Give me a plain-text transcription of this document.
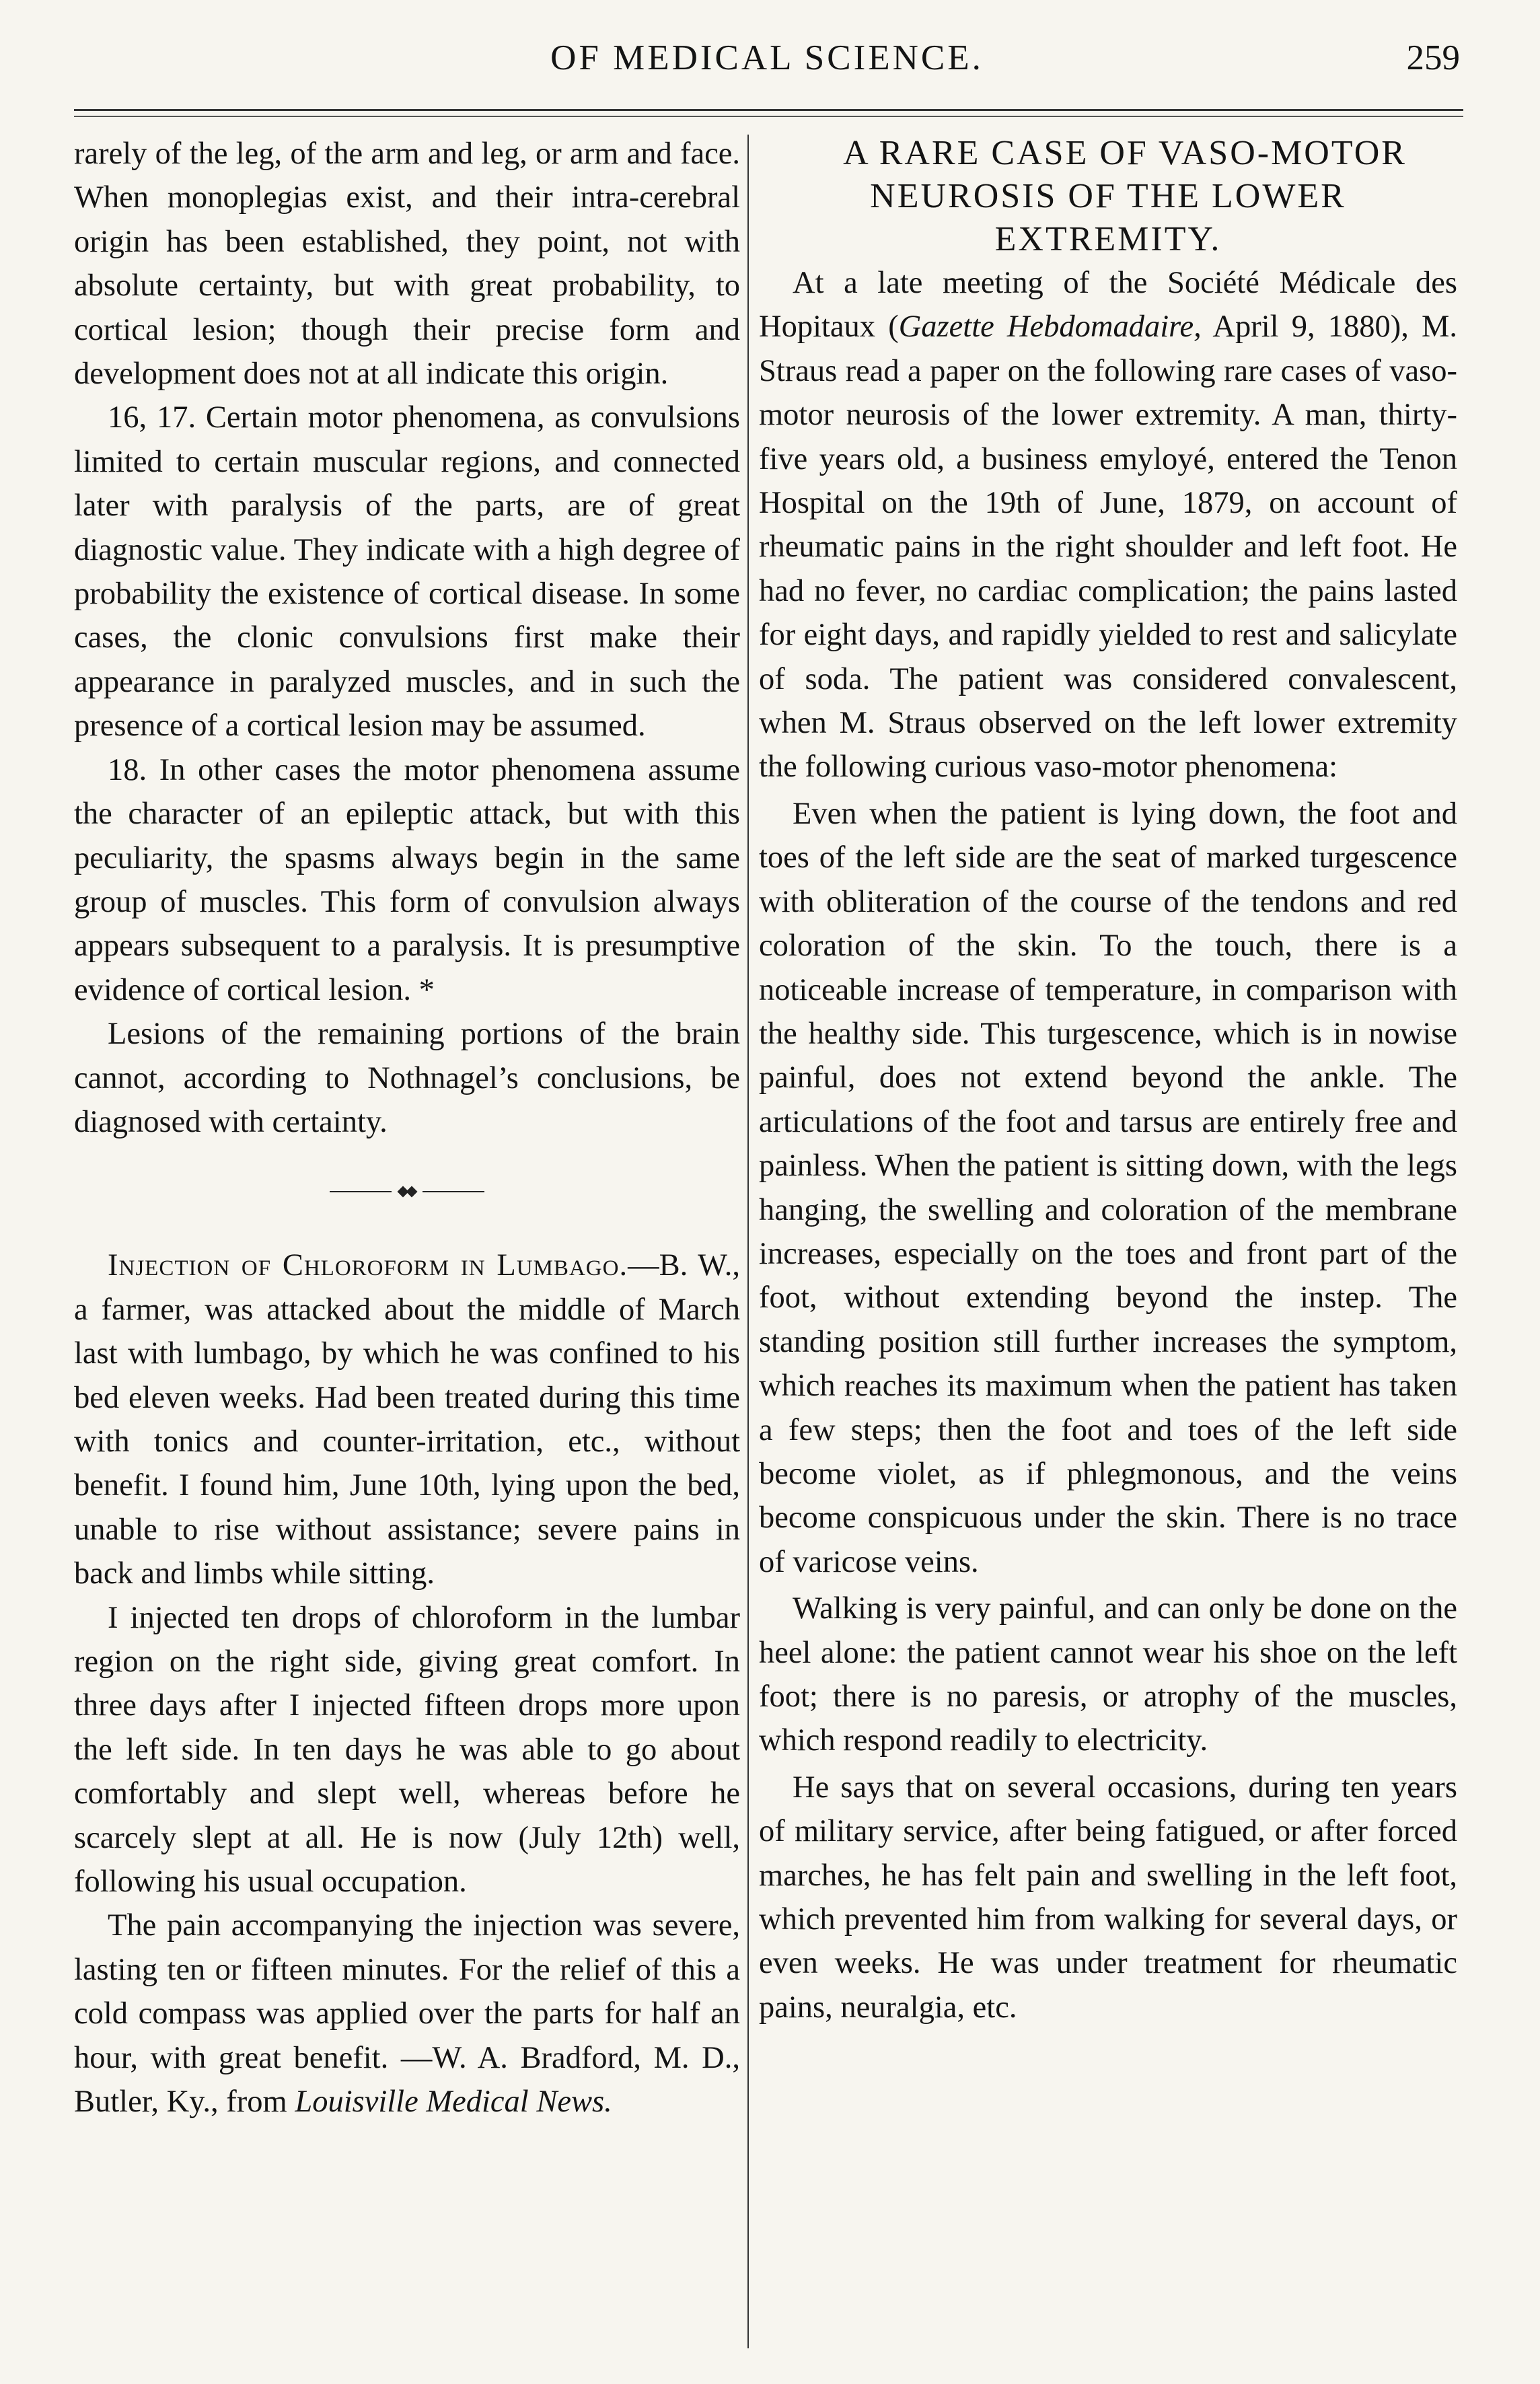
OF MEDICAL SCIENCE.	259

rarely of the leg, of the arm and leg, or arm and face. When monoplegias exist, and their intra-cerebral origin has been established, they point, not with absolute certainty, but with great probability, to cortical lesion; though their precise form and development does not at all indicate this origin.

16, 17. Certain motor phenomena, as convulsions limited to certain muscular regions, and connected later with paralysis of the parts, are of great diagnostic value. They indicate with a high degree of probability the existence of cortical disease. In some cases, the clonic convulsions first make their appearance in paralyzed muscles, and in such the presence of a cortical lesion may be assumed.

18. In other cases the motor phenomena assume the character of an epileptic attack, but with this peculiarity, the spasms always begin in the same group of muscles. This form of convulsion always appears subsequent to a paralysis. It is presumptive evidence of cortical lesion. *

Lesions of the remaining portions of the brain cannot, according to Nothnagel’s conclusions, be diagnosed with certainty.

Injection of Chloroform in Lumbago.—B. W., a farmer, was attacked about the middle of March last with lumbago, by which he was confined to his bed eleven weeks. Had been treated during this time with tonics and counter-irritation, etc., without benefit. I found him, June 10th, lying upon the bed, unable to rise without assistance; severe pains in back and limbs while sitting.

I injected ten drops of chloroform in the lumbar region on the right side, giving great comfort. In three days after I injected fifteen drops more upon the left side. In ten days he was able to go about comfortably and slept well, whereas before he scarcely slept at all. He is now (July 12th) well, following his usual occupation.

The pain accompanying the injection was severe, lasting ten or fifteen minutes. For the relief of this a cold compass was applied over the parts for half an hour, with great benefit. —W. A. Bradford, M. D., Butler, Ky., from Louisville Medical News.

A RARE CASE OF VASO-MOTOR NEUROSIS OF THE LOWER EXTREMITY.

At a late meeting of the Société Médicale des Hopitaux (Gazette Hebdomadaire, April 9, 1880), M. Straus read a paper on the following rare cases of vaso-motor neurosis of the lower extremity. A man, thirty-five years old, a business emyloyé, entered the Tenon Hospital on the 19th of June, 1879, on account of rheumatic pains in the right shoulder and left foot. He had no fever, no cardiac complication; the pains lasted for eight days, and rapidly yielded to rest and salicylate of soda. The patient was considered convalescent, when M. Straus observed on the left lower extremity the following curious vaso-motor phenomena:

Even when the patient is lying down, the foot and toes of the left side are the seat of marked turgescence with obliteration of the course of the tendons and red coloration of the skin. To the touch, there is a noticeable increase of temperature, in comparison with the healthy side. This turgescence, which is in nowise painful, does not extend beyond the ankle. The articulations of the foot and tarsus are entirely free and painless. When the patient is sitting down, with the legs hanging, the swelling and coloration of the membrane increases, especially on the toes and front part of the foot, without extending beyond the instep. The standing position still further increases the symptom, which reaches its maximum when the patient has taken a few steps; then the foot and toes of the left side become violet, as if phlegmonous, and the veins become conspicuous under the skin. There is no trace of varicose veins.

Walking is very painful, and can only be done on the heel alone: the patient cannot wear his shoe on the left foot; there is no paresis, or atrophy of the muscles, which respond readily to electricity.

He says that on several occasions, during ten years of military service, after being fatigued, or after forced marches, he has felt pain and swelling in the left foot, which prevented him from walking for several days, or even weeks. He was under treatment for rheumatic pains, neuralgia, etc.
